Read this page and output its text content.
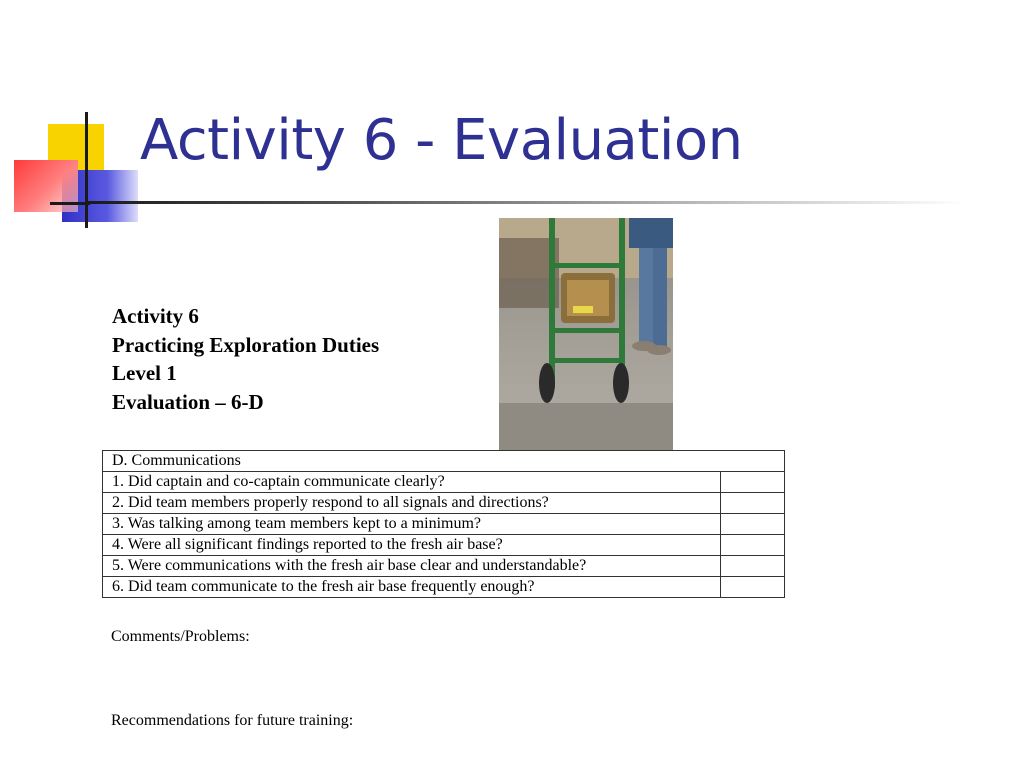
Activity 6 - Evaluation
Activity 6
Practicing Exploration Duties
Level 1
Evaluation – 6-D
D. Communications	
1. Did captain and co-captain communicate clearly?	
2. Did team members properly respond to all signals and directions?	
3. Was talking among team members kept to a minimum?	
4. Were all significant findings reported to the fresh air base?	
5. Were communications with the fresh air base clear and understandable?	
6. Did team communicate to the fresh air base frequently enough?	
Comments/Problems:
Recommendations for future training:
